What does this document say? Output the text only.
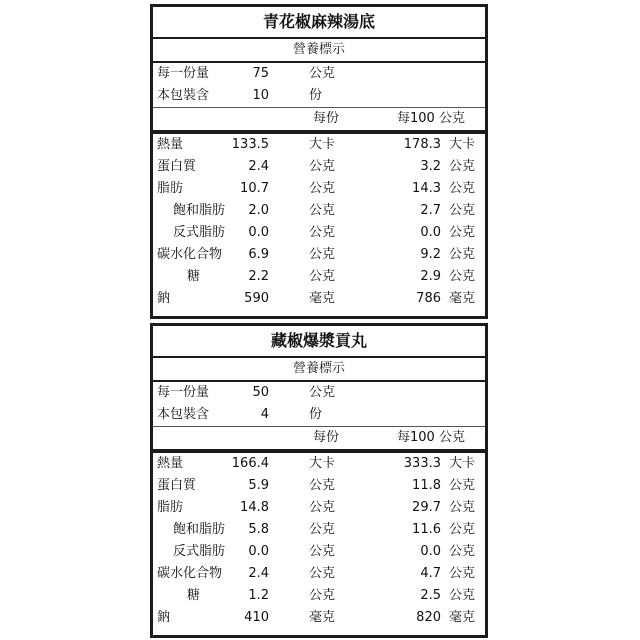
青花椒麻辣湯底
營養標示
每一份量	75	公克
本包裝含	10	份
每份	每100 公克
熱量	133.5	大卡	178.3 大卡
蛋白質	2.4	公克	3.2 公克
脂肪	10.7	公克	14.3 公克
飽和脂肪 2.0	公克	2.7 公克
反式脂肪 0.0	公克	0.0 公克
碳水化合物 6.9	公克	9.2 公克
糖	2.2	公克	2.9 公克
鈉	590	毫克	786 毫克
藏椒爆漿貢丸
營養標示
每一份量	50	公克
本包裝含	4	份
每份	每100 公克
熱量	166.4	大卡	333.3 大卡
蛋白質	5.9	公克	11.8 公克
脂肪	14.8	公克	29.7 公克
飽和脂肪 5.8	公克	11.6 公克
反式脂肪 0.0	公克	0.0 公克
碳水化合物 2.4	公克	4.7 公克
糖	1.2	公克	2.5 公克
鈉	410	毫克	820 毫克
